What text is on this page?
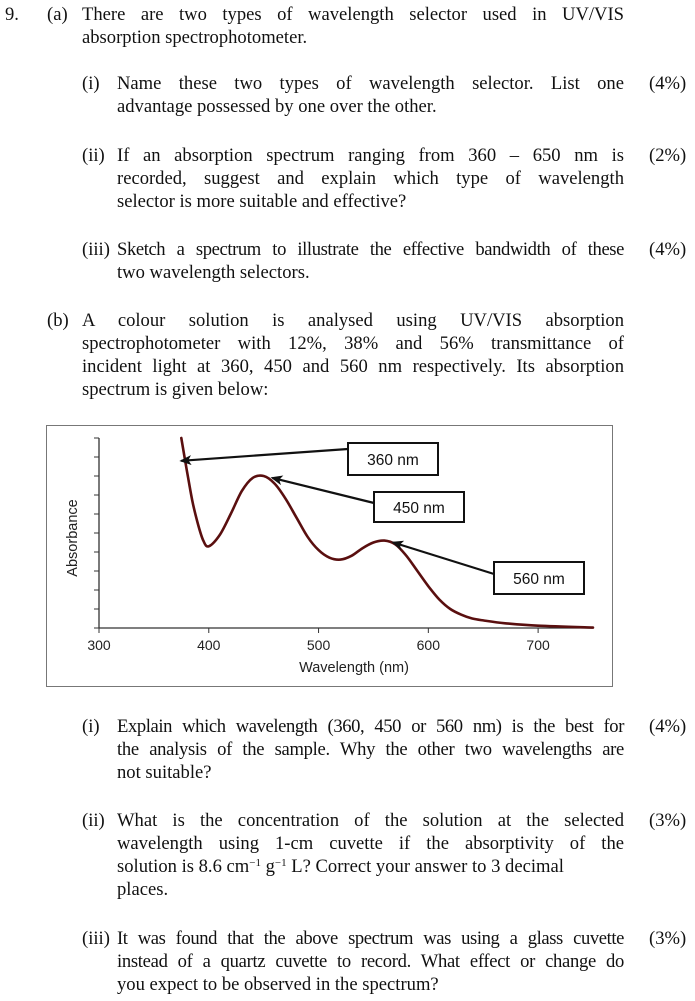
9. (a) There are two types of wavelength selector used in UV/VIS
absorption spectrophotometer.
(i) Name these two types of wavelength selector. List one
advantage possessed by one over the other.
(4%)
(ii) If an absorption spectrum ranging from 360 – 650 nm is
recorded, suggest and explain which type of wavelength
selector is more suitable and effective?
(2%)
(iii) Sketch a spectrum to illustrate the effective bandwidth of these
two wavelength selectors.
(4%)
(b) A colour solution is analysed using UV/VIS absorption
spectrophotometer with 12%, 38% and 56% transmittance of
incident light at 360, 450 and 560 nm respectively. Its absorption
spectrum is given below:
300	400	500	600	700
Wavelength (nm)
Absorbance
360 nm
450 nm
560 nm
(i) Explain which wavelength (360, 450 or 560 nm) is the best for
the analysis of the sample. Why the other two wavelengths are
not suitable?
(4%)
(ii) What is the concentration of the solution at the selected
wavelength using 1-cm cuvette if the absorptivity of the
solution is 8.6 $cm^{-1}$ $g^{-1}$ L? Correct your answer to 3 decimal
places.
(3%)
(iii) It was found that the above spectrum was using a glass cuvette
instead of a quartz cuvette to record. What effect or change do
you expect to be observed in the spectrum?
(3%)
